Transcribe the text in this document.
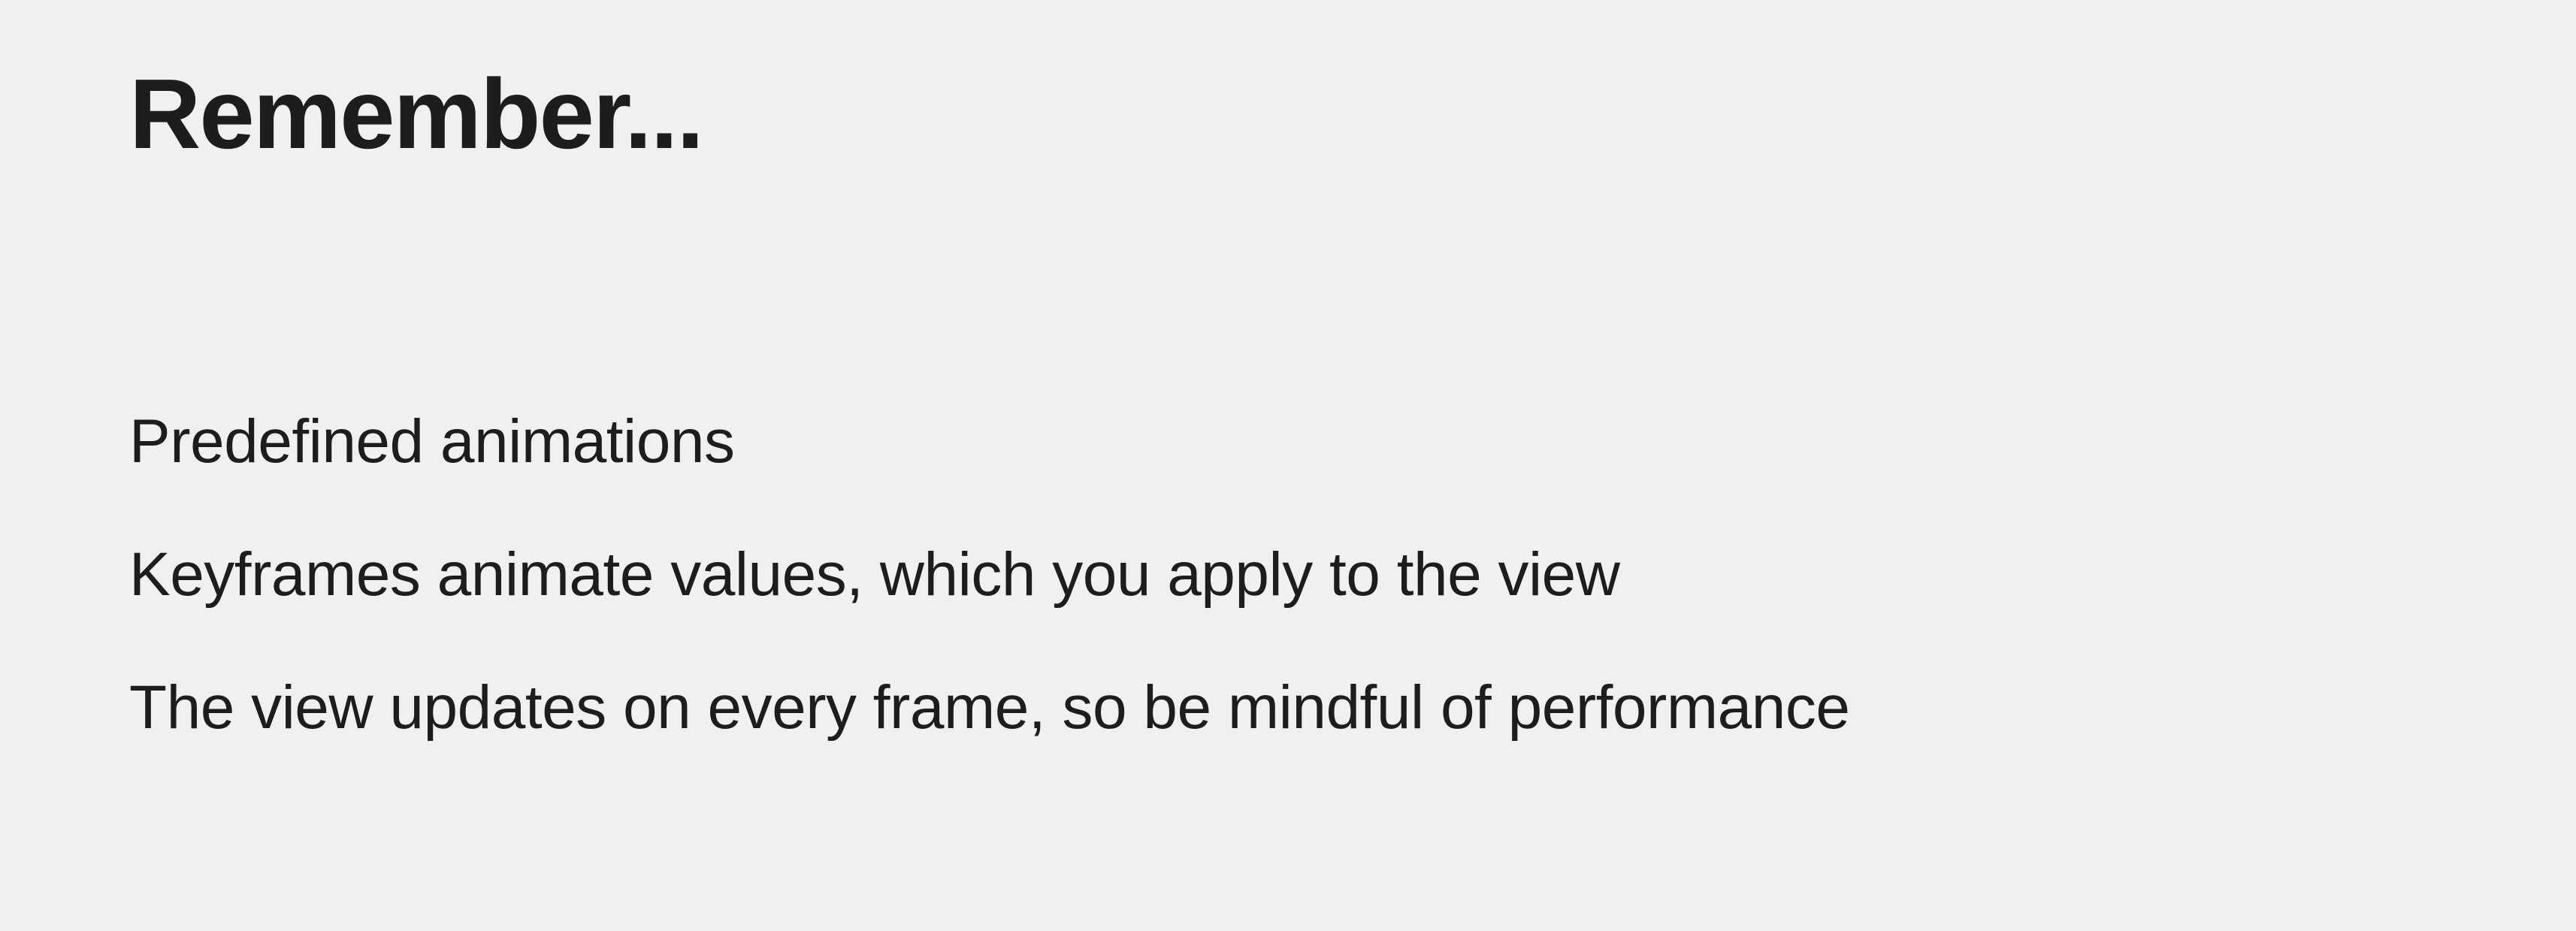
Remember...
Predefined animations
Keyframes animate values, which you apply to the view
The view updates on every frame, so be mindful of performance
